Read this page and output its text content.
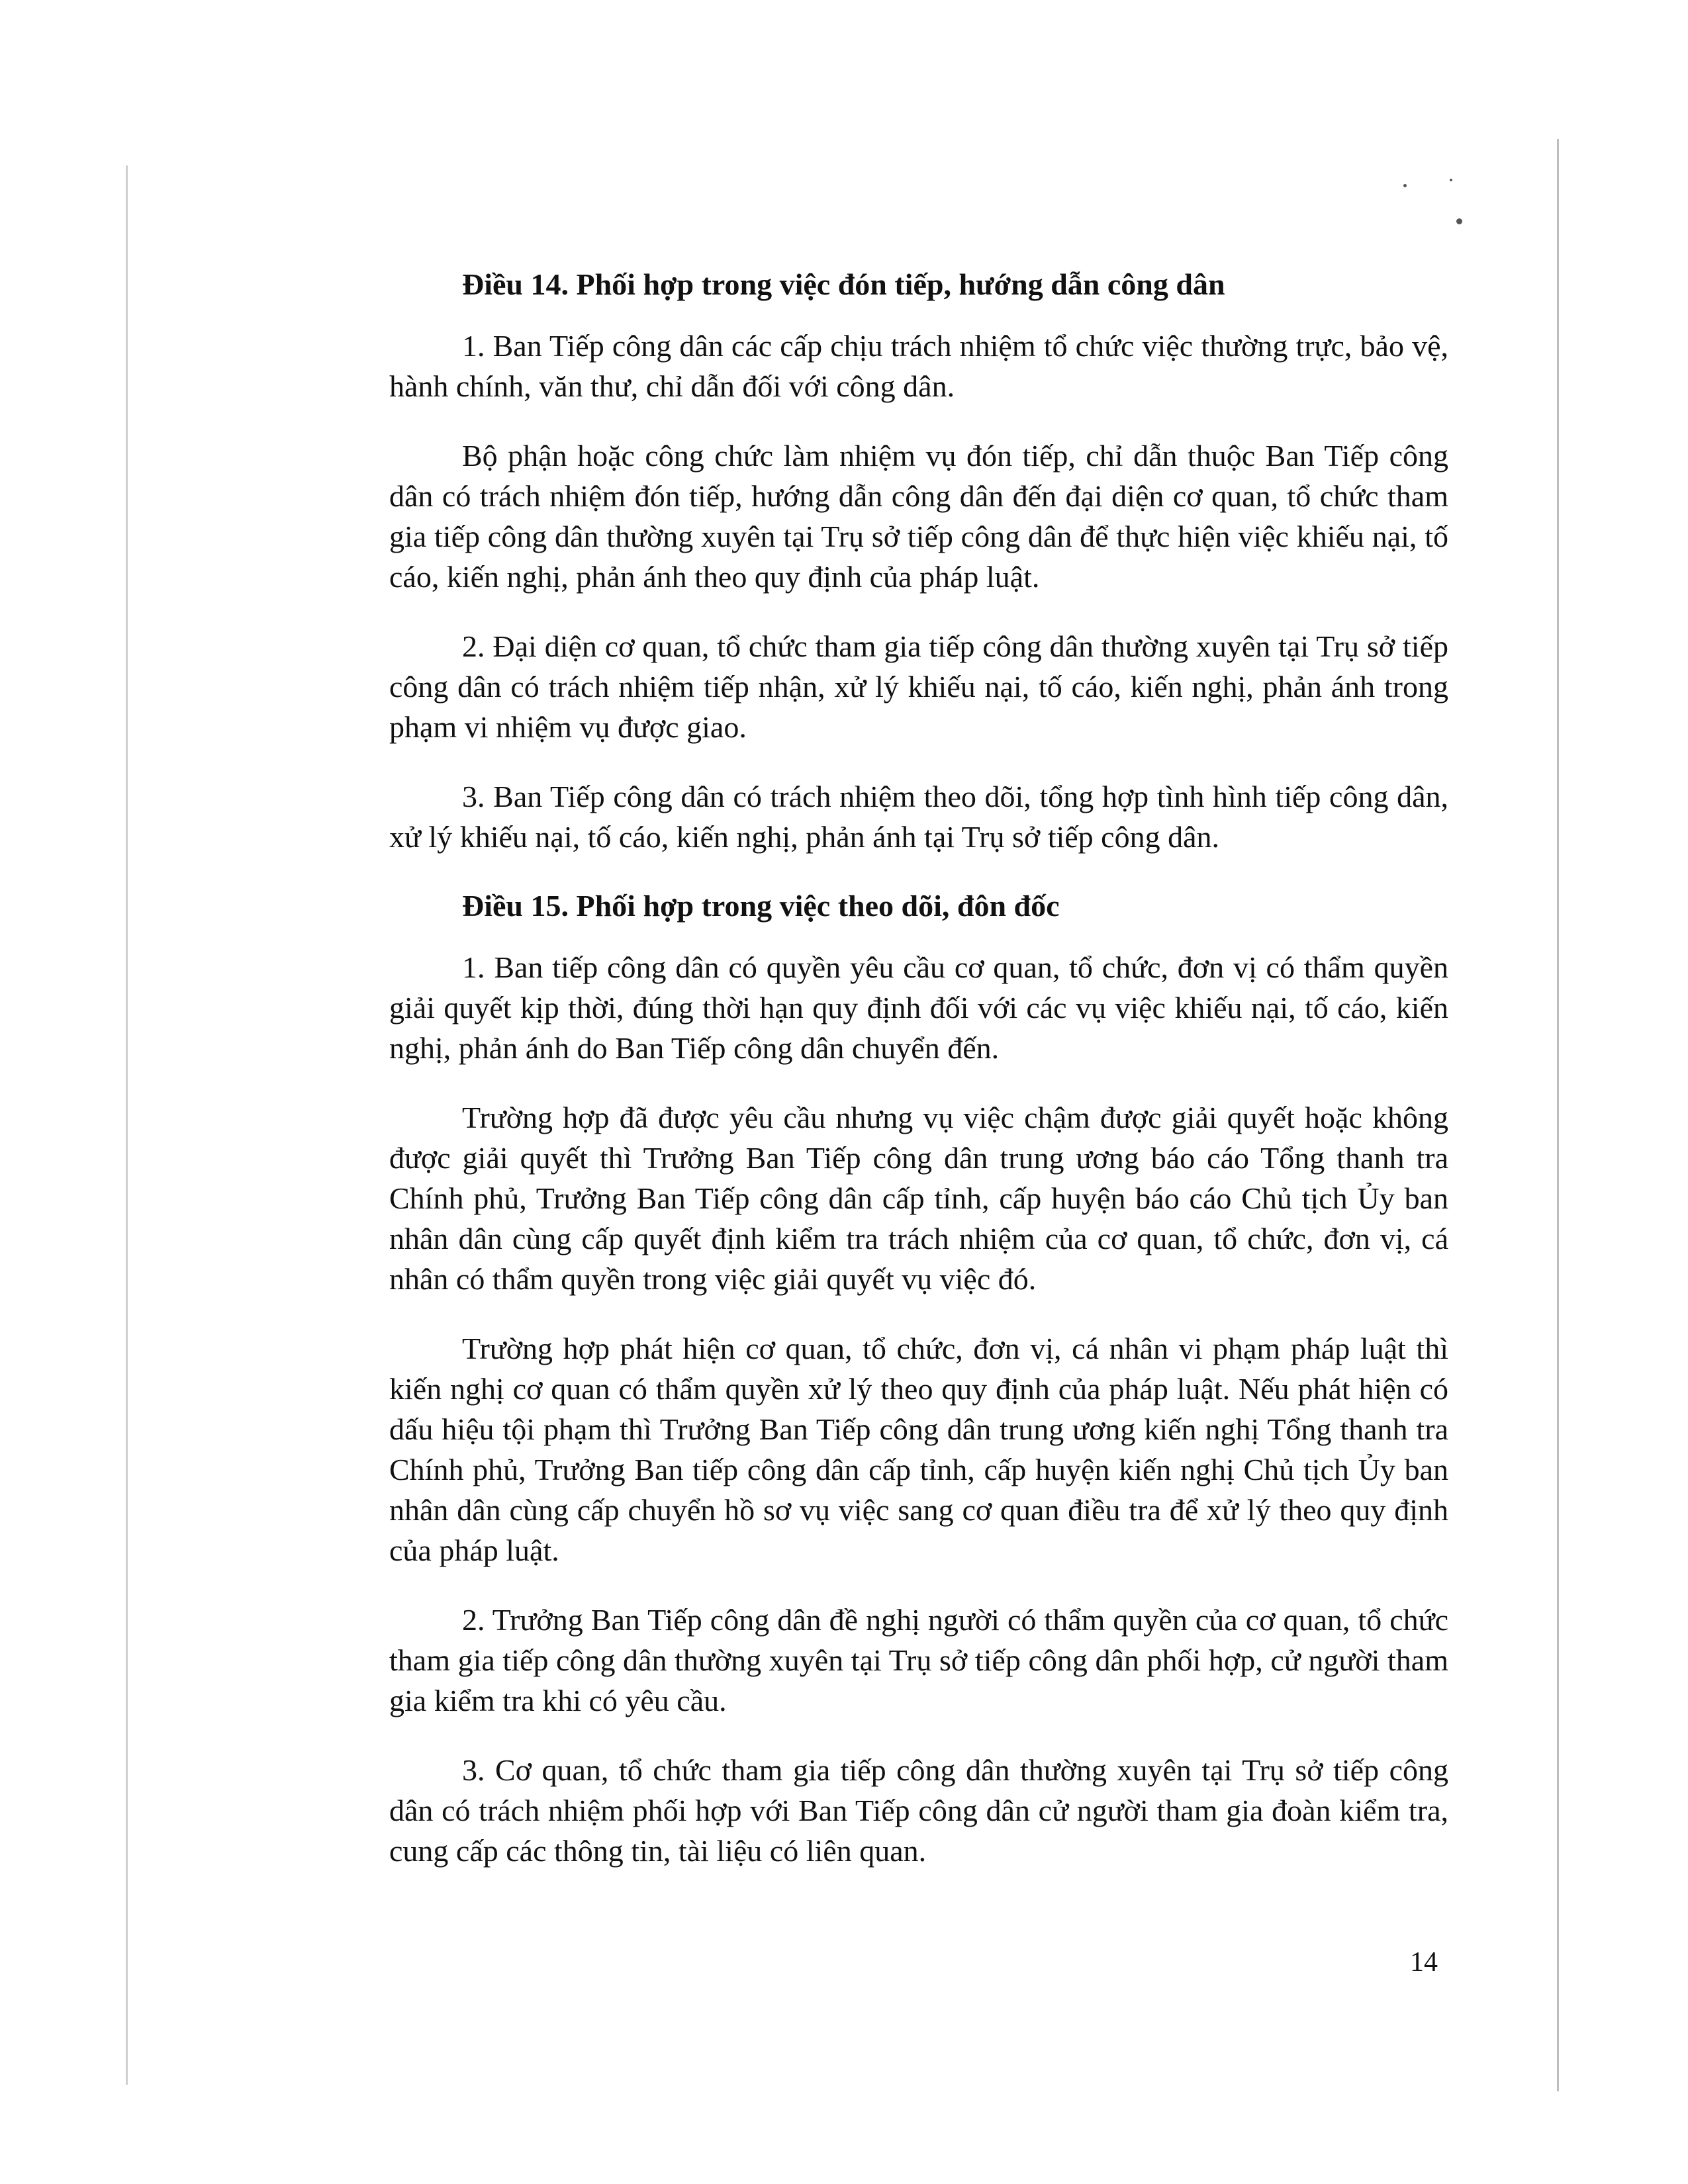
Điều 14. Phối hợp trong việc đón tiếp, hướng dẫn công dân

1. Ban Tiếp công dân các cấp chịu trách nhiệm tổ chức việc thường trực, bảo vệ, hành chính, văn thư, chỉ dẫn đối với công dân.

Bộ phận hoặc công chức làm nhiệm vụ đón tiếp, chỉ dẫn thuộc Ban Tiếp công dân có trách nhiệm đón tiếp, hướng dẫn công dân đến đại diện cơ quan, tổ chức tham gia tiếp công dân thường xuyên tại Trụ sở tiếp công dân để thực hiện việc khiếu nại, tố cáo, kiến nghị, phản ánh theo quy định của pháp luật.

2. Đại diện cơ quan, tổ chức tham gia tiếp công dân thường xuyên tại Trụ sở tiếp công dân có trách nhiệm tiếp nhận, xử lý khiếu nại, tố cáo, kiến nghị, phản ánh trong phạm vi nhiệm vụ được giao.

3. Ban Tiếp công dân có trách nhiệm theo dõi, tổng hợp tình hình tiếp công dân, xử lý khiếu nại, tố cáo, kiến nghị, phản ánh tại Trụ sở tiếp công dân.

Điều 15. Phối hợp trong việc theo dõi, đôn đốc

1. Ban tiếp công dân có quyền yêu cầu cơ quan, tổ chức, đơn vị có thẩm quyền giải quyết kịp thời, đúng thời hạn quy định đối với các vụ việc khiếu nại, tố cáo, kiến nghị, phản ánh do Ban Tiếp công dân chuyển đến.

Trường hợp đã được yêu cầu nhưng vụ việc chậm được giải quyết hoặc không được giải quyết thì Trưởng Ban Tiếp công dân trung ương báo cáo Tổng thanh tra Chính phủ, Trưởng Ban Tiếp công dân cấp tỉnh, cấp huyện báo cáo Chủ tịch Ủy ban nhân dân cùng cấp quyết định kiểm tra trách nhiệm của cơ quan, tổ chức, đơn vị, cá nhân có thẩm quyền trong việc giải quyết vụ việc đó.

Trường hợp phát hiện cơ quan, tổ chức, đơn vị, cá nhân vi phạm pháp luật thì kiến nghị cơ quan có thẩm quyền xử lý theo quy định của pháp luật. Nếu phát hiện có dấu hiệu tội phạm thì Trưởng Ban Tiếp công dân trung ương kiến nghị Tổng thanh tra Chính phủ, Trưởng Ban tiếp công dân cấp tỉnh, cấp huyện kiến nghị Chủ tịch Ủy ban nhân dân cùng cấp chuyển hồ sơ vụ việc sang cơ quan điều tra để xử lý theo quy định của pháp luật.

2. Trưởng Ban Tiếp công dân đề nghị người có thẩm quyền của cơ quan, tổ chức tham gia tiếp công dân thường xuyên tại Trụ sở tiếp công dân phối hợp, cử người tham gia kiểm tra khi có yêu cầu.

3. Cơ quan, tổ chức tham gia tiếp công dân thường xuyên tại Trụ sở tiếp công dân có trách nhiệm phối hợp với Ban Tiếp công dân cử người tham gia đoàn kiểm tra, cung cấp các thông tin, tài liệu có liên quan.

14
